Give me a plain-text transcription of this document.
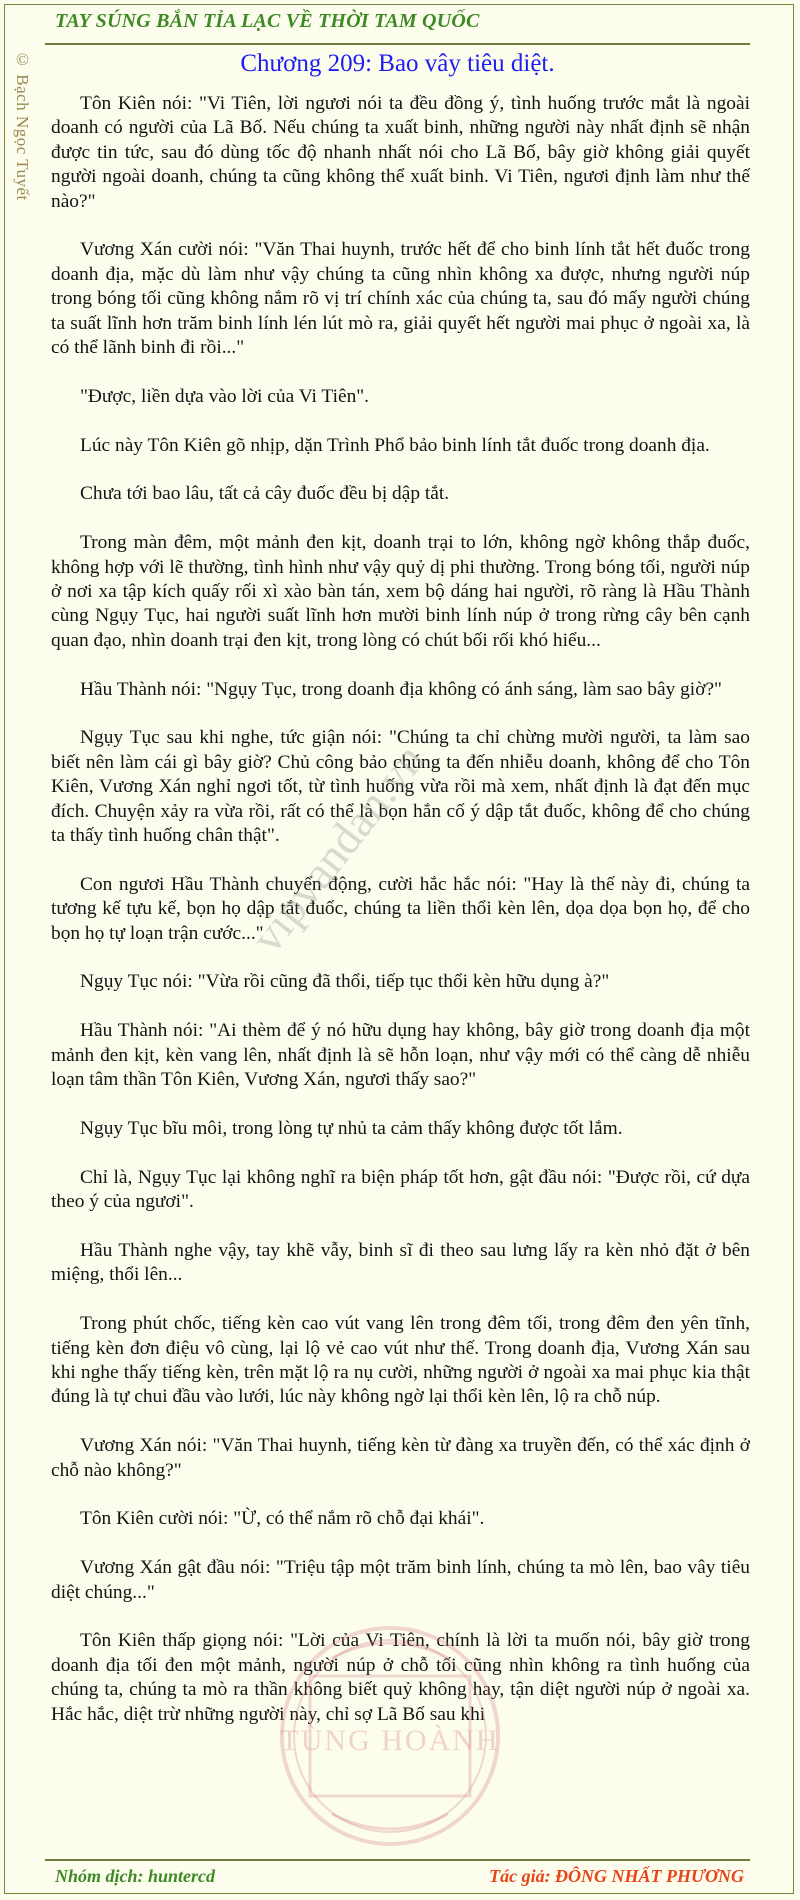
TAY SÚNG BẮN TỈA LẠC VỀ THỜI TAM QUỐC
© Bạch Ngọc Tuyết	Chương 209: Bao vây tiêu diệt.

Tôn Kiên nói: "Vi Tiên, lời ngươi nói ta đều đồng ý, tình huống trước mắt là ngoài doanh có người của Lã Bố. Nếu chúng ta xuất binh, những người này nhất định sẽ nhận được tin tức, sau đó dùng tốc độ nhanh nhất nói cho Lã Bố, bây giờ không giải quyết người ngoài doanh, chúng ta cũng không thể xuất binh. Vi Tiên, ngươi định làm như thế nào?"

Vương Xán cười nói: "Văn Thai huynh, trước hết để cho binh lính tắt hết đuốc trong doanh địa, mặc dù làm như vậy chúng ta cũng nhìn không xa được, nhưng người núp trong bóng tối cũng không nắm rõ vị trí chính xác của chúng ta, sau đó mấy người chúng ta suất lĩnh hơn trăm binh lính lén lút mò ra, giải quyết hết người mai phục ở ngoài xa, là có thể lãnh binh đi rồi..."

"Được, liền dựa vào lời của Vi Tiên".

Lúc này Tôn Kiên gõ nhịp, dặn Trình Phổ bảo binh lính tắt đuốc trong doanh địa.

Chưa tới bao lâu, tất cả cây đuốc đều bị dập tắt.

Trong màn đêm, một mảnh đen kịt, doanh trại to lớn, không ngờ không thắp đuốc, không hợp với lẽ thường, tình hình như vậy quỷ dị phi thường. Trong bóng tối, người núp ở nơi xa tập kích quấy rối xì xào bàn tán, xem bộ dáng hai người, rõ ràng là Hầu Thành cùng Ngụy Tục, hai người suất lĩnh hơn mười binh lính núp ở trong rừng cây bên cạnh quan đạo, nhìn doanh trại đen kịt, trong lòng có chút bối rối khó hiểu...

Hầu Thành nói: "Ngụy Tục, trong doanh địa không có ánh sáng, làm sao bây giờ?"

Ngụy Tục sau khi nghe, tức giận nói: "Chúng ta chỉ chừng mười người, ta làm sao biết nên làm cái gì bây giờ? Chủ công bảo chúng ta đến nhiễu doanh, không để cho Tôn Kiên, Vương Xán nghỉ ngơi tốt, từ tình huống vừa rồi mà xem, nhất định là đạt đến mục đích. Chuyện xảy ra vừa rồi, rất có thể là bọn hắn cố ý dập tắt đuốc, không để cho chúng ta thấy tình huống chân thật".

Con ngươi Hầu Thành chuyển động, cười hắc hắc nói: "Hay là thế này đi, chúng ta tương kế tựu kế, bọn họ dập tắt đuốc, chúng ta liền thổi kèn lên, dọa dọa bọn họ, để cho bọn họ tự loạn trận cước..."

Ngụy Tục nói: "Vừa rồi cũng đã thổi, tiếp tục thổi kèn hữu dụng à?"

Hầu Thành nói: "Ai thèm để ý nó hữu dụng hay không, bây giờ trong doanh địa một mảnh đen kịt, kèn vang lên, nhất định là sẽ hỗn loạn, như vậy mới có thể càng dễ nhiễu loạn tâm thần Tôn Kiên, Vương Xán, ngươi thấy sao?"

Ngụy Tục bĩu môi, trong lòng tự nhủ ta cảm thấy không được tốt lắm.

Chỉ là, Ngụy Tục lại không nghĩ ra biện pháp tốt hơn, gật đầu nói: "Được rồi, cứ dựa theo ý của ngươi".

Hầu Thành nghe vậy, tay khẽ vẫy, binh sĩ đi theo sau lưng lấy ra kèn nhỏ đặt ở bên miệng, thổi lên...

Trong phút chốc, tiếng kèn cao vút vang lên trong đêm tối, trong đêm đen yên tĩnh, tiếng kèn đơn điệu vô cùng, lại lộ vẻ cao vút như thế. Trong doanh địa, Vương Xán sau khi nghe thấy tiếng kèn, trên mặt lộ ra nụ cười, những người ở ngoài xa mai phục kia thật đúng là tự chui đầu vào lưới, lúc này không ngờ lại thổi kèn lên, lộ ra chỗ núp.

Vương Xán nói: "Văn Thai huynh, tiếng kèn từ đàng xa truyền đến, có thể xác định ở chỗ nào không?"

Tôn Kiên cười nói: "Ừ, có thể nắm rõ chỗ đại khái".

Vương Xán gật đầu nói: "Triệu tập một trăm binh lính, chúng ta mò lên, bao vây tiêu diệt chúng..."

Tôn Kiên thấp giọng nói: "Lời của Vi Tiên, chính là lời ta muốn nói, bây giờ trong doanh địa tối đen một mảnh, người núp ở chỗ tối cũng nhìn không ra tình huống của chúng ta, chúng ta mò ra thần không biết quỷ không hay, tận diệt người núp ở ngoài xa. Hắc hắc, diệt trừ những người này, chỉ sợ Lã Bố sau khi

vipvandan.vn
TÙNG HOÀNH
Nhóm dịch: huntercd	Tác giả: ĐÔNG NHẤT PHƯƠNG
